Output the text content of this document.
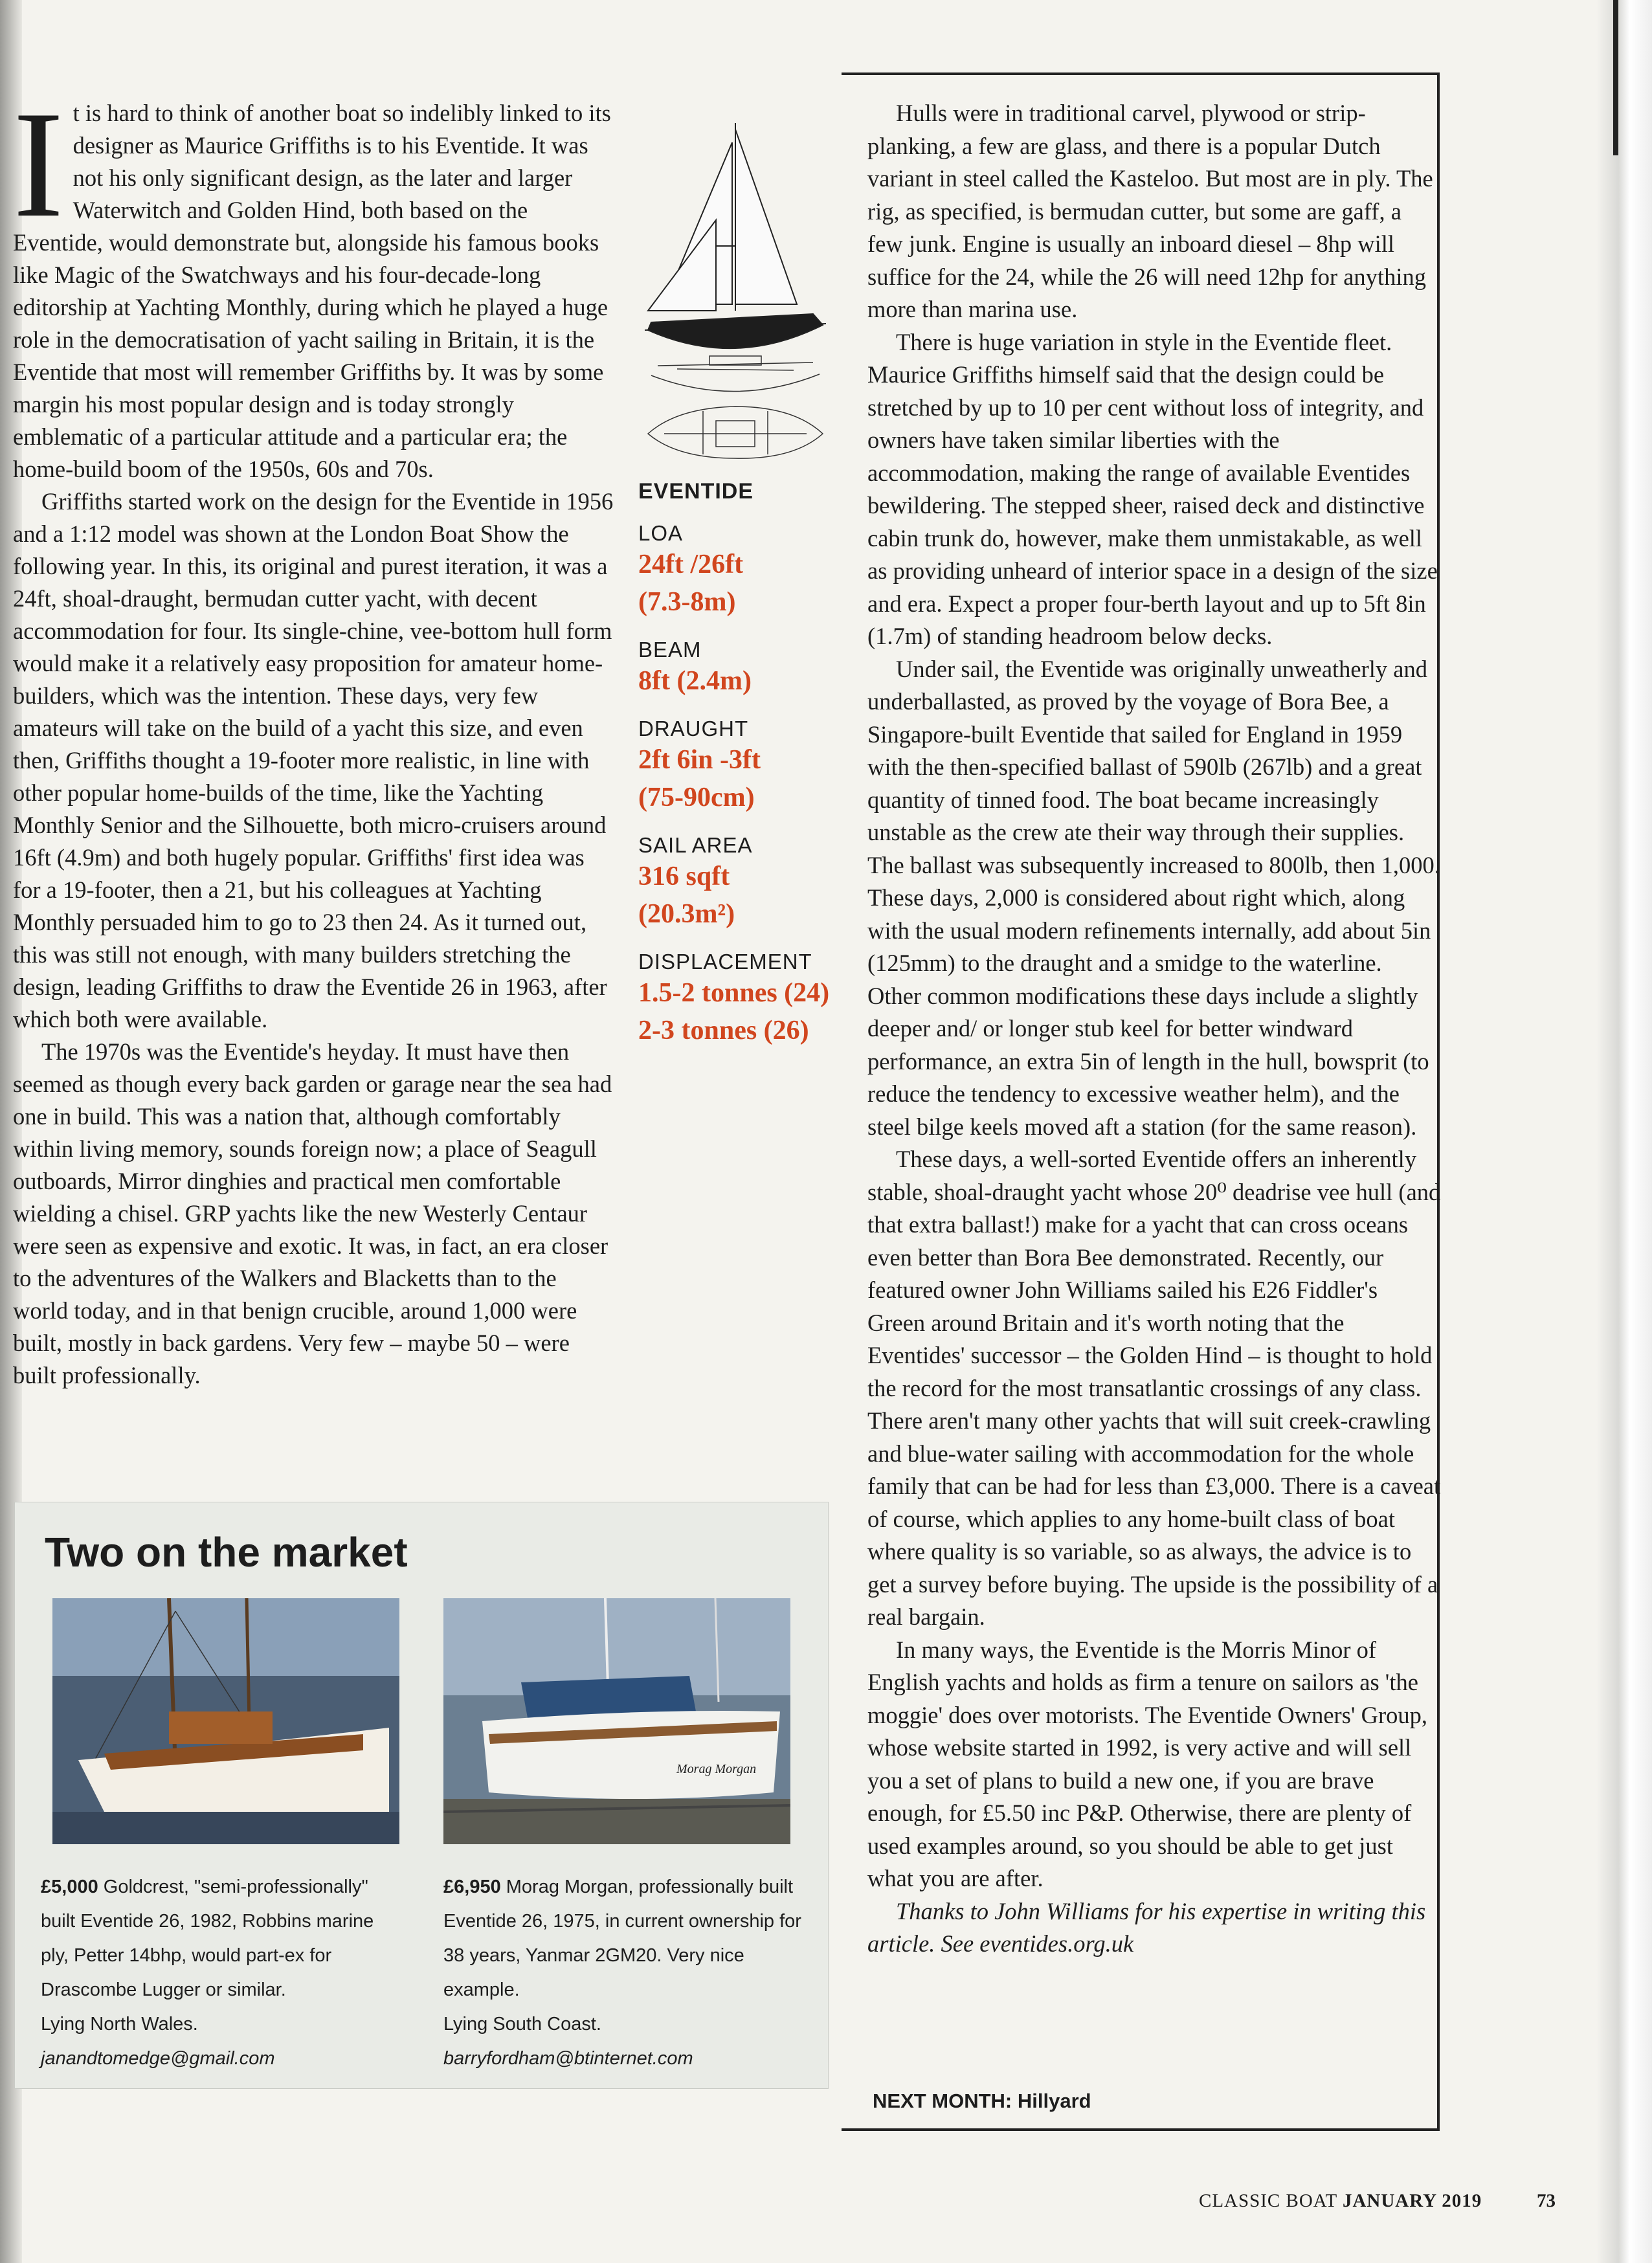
It is hard to think of another boat so indelibly linked to its designer as Maurice Griffiths is to his Eventide. It was not his only significant design, as the later and larger Waterwitch and Golden Hind, both based on the Eventide, would demonstrate but, alongside his famous books like Magic of the Swatchways and his four-decade-long editorship at Yachting Monthly, during which he played a huge role in the democratisation of yacht sailing in Britain, it is the Eventide that most will remember Griffiths by. It was by some margin his most popular design and is today strongly emblematic of a particular attitude and a particular era; the home-build boom of the 1950s, 60s and 70s.

Griffiths started work on the design for the Eventide in 1956 and a 1:12 model was shown at the London Boat Show the following year. In this, its original and purest iteration, it was a 24ft, shoal-draught, bermudan cutter yacht, with decent accommodation for four. Its single-chine, vee-bottom hull form would make it a relatively easy proposition for amateur home-builders, which was the intention. These days, very few amateurs will take on the build of a yacht this size, and even then, Griffiths thought a 19-footer more realistic, in line with other popular home-builds of the time, like the Yachting Monthly Senior and the Silhouette, both micro-cruisers around 16ft (4.9m) and both hugely popular. Griffiths' first idea was for a 19-footer, then a 21, but his colleagues at Yachting Monthly persuaded him to go to 23 then 24. As it turned out, this was still not enough, with many builders stretching the design, leading Griffiths to draw the Eventide 26 in 1963, after which both were available.

The 1970s was the Eventide's heyday. It must have then seemed as though every back garden or garage near the sea had one in build. This was a nation that, although comfortably within living memory, sounds foreign now; a place of Seagull outboards, Mirror dinghies and practical men comfortable wielding a chisel. GRP yachts like the new Westerly Centaur were seen as expensive and exotic. It was, in fact, an era closer to the adventures of the Walkers and Blacketts than to the world today, and in that benign crucible, around 1,000 were built, mostly in back gardens. Very few – maybe 50 – were built professionally.

EVENTIDE
LOA
24ft /26ft
(7.3-8m)
BEAM
8ft (2.4m)
DRAUGHT
2ft 6in -3ft
(75-90cm)
SAIL AREA
316 sqft
(20.3m²)
DISPLACEMENT
1.5-2 tonnes (24)
2-3 tonnes (26)

Hulls were in traditional carvel, plywood or strip-planking, a few are glass, and there is a popular Dutch variant in steel called the Kasteloo. But most are in ply. The rig, as specified, is bermudan cutter, but some are gaff, a few junk. Engine is usually an inboard diesel – 8hp will suffice for the 24, while the 26 will need 12hp for anything more than marina use.

There is huge variation in style in the Eventide fleet. Maurice Griffiths himself said that the design could be stretched by up to 10 per cent without loss of integrity, and owners have taken similar liberties with the accommodation, making the range of available Eventides bewildering. The stepped sheer, raised deck and distinctive cabin trunk do, however, make them unmistakable, as well as providing unheard of interior space in a design of the size and era. Expect a proper four-berth layout and up to 5ft 8in (1.7m) of standing headroom below decks.

Under sail, the Eventide was originally unweatherly and underballasted, as proved by the voyage of Bora Bee, a Singapore-built Eventide that sailed for England in 1959 with the then-specified ballast of 590lb (267lb) and a great quantity of tinned food. The boat became increasingly unstable as the crew ate their way through their supplies. The ballast was subsequently increased to 800lb, then 1,000. These days, 2,000 is considered about right which, along with the usual modern refinements internally, add about 5in (125mm) to the draught and a smidge to the waterline. Other common modifications these days include a slightly deeper and/ or longer stub keel for better windward performance, an extra 5in of length in the hull, bowsprit (to reduce the tendency to excessive weather helm), and the steel bilge keels moved aft a station (for the same reason).

These days, a well-sorted Eventide offers an inherently stable, shoal-draught yacht whose 20⁰ deadrise vee hull (and that extra ballast!) make for a yacht that can cross oceans even better than Bora Bee demonstrated. Recently, our featured owner John Williams sailed his E26 Fiddler's Green around Britain and it's worth noting that the Eventides' successor – the Golden Hind – is thought to hold the record for the most transatlantic crossings of any class. There aren't many other yachts that will suit creek-crawling and blue-water sailing with accommodation for the whole family that can be had for less than £3,000. There is a caveat of course, which applies to any home-built class of boat where quality is so variable, so as always, the advice is to get a survey before buying. The upside is the possibility of a real bargain.

In many ways, the Eventide is the Morris Minor of English yachts and holds as firm a tenure on sailors as 'the moggie' does over motorists. The Eventide Owners' Group, whose website started in 1992, is very active and will sell you a set of plans to build a new one, if you are brave enough, for £5.50 inc P&P. Otherwise, there are plenty of used examples around, so you should be able to get just what you are after.

Thanks to John Williams for his expertise in writing this article. See eventides.org.uk

NEXT MONTH: Hillyard
Two on the market
Morag Morgan
£5,000 Goldcrest, "semi-professionally" built Eventide 26, 1982, Robbins marine ply, Petter 14bhp, would part-ex for Drascombe Lugger or similar.
Lying North Wales.
janandtomedge@gmail.com
£6,950 Morag Morgan, professionally built Eventide 26, 1975, in current ownership for 38 years, Yanmar 2GM20. Very nice example.
Lying South Coast.
barryfordham@btinternet.com
CLASSIC BOAT JANUARY 2019	73
